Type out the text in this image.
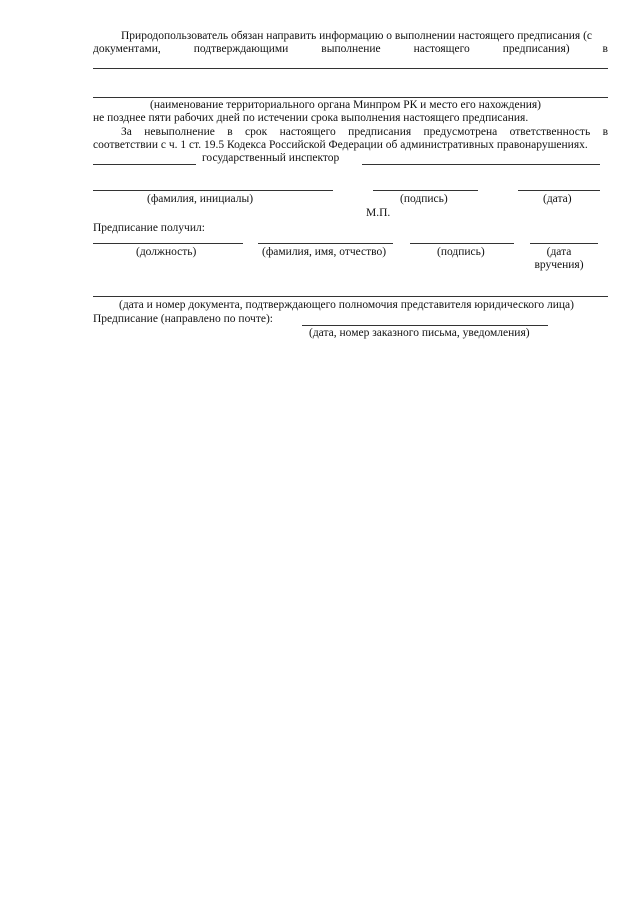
Природопользователь обязан направить информацию о выполнении настоящего предписания (с
документами,	подтверждающими	выполнение	настоящего	предписания)	в
(наименование территориального органа Минпром РК и место его нахождения)
не позднее пяти рабочих дней по истечении срока выполнения настоящего предписания.
За невыполнение в срок настоящего предписания предусмотрена ответственность в
соответствии с ч. 1 ст. 19.5 Кодекса Российской Федерации об административных правонарушениях.
государственный инспектор
(фамилия, инициалы)	(подпись)	(дата)
М.П.
Предписание получил:
(должность)	(фамилия, имя, отчество)	(подпись)	(дата
вручения)
(дата и номер документа, подтверждающего полномочия представителя юридического лица)
Предписание (направлено по почте):
(дата, номер заказного письма, уведомления)
